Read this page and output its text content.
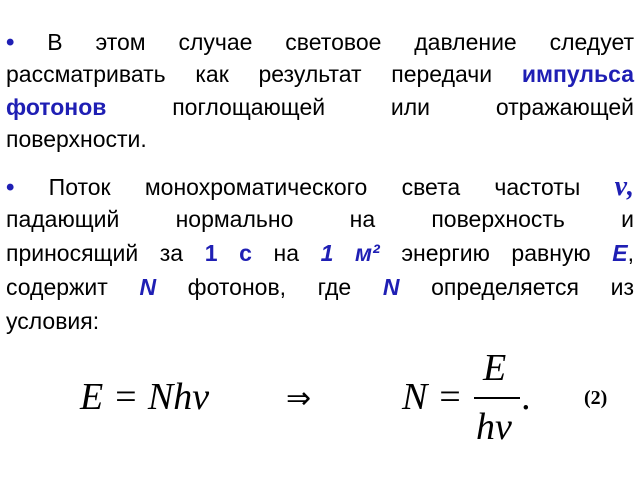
• В этом случае световое давление следует
рассматривать как результат передачи импульса
фотонов	поглощающей или отражающей
поверхности.
• Поток монохроматического света частоты ν,
падающий нормально на поверхность и
приносящий за 1 с на 1 м² энергию равную E,
содержит N фотонов, где N определяется из
условия:
E = Nhν	⇒ N =
E
hν
.	(2)
